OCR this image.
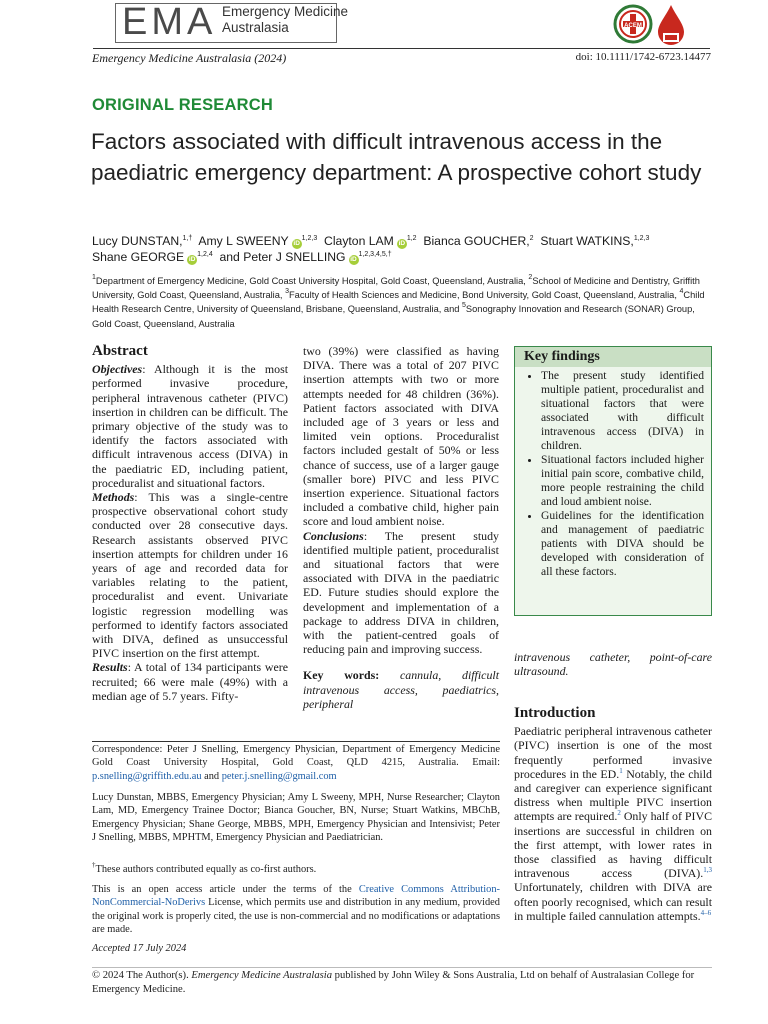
EMA Emergency Medicine
Australasia	ACEM
Emergency Medicine Australasia (2024)	doi: 10.1111/1742-6723.14477
ORIGINAL RESEARCH
Factors associated with difficult intravenous access in the paediatric emergency department: A prospective cohort study
Lucy DUNSTAN,$^{1,\dagger}$ Amy L SWEENY iD$^{1,2,3}$ Clayton LAM iD$^{1,2}$ Bianca GOUCHER,$^2$ Stuart WATKINS,$^{1,2,3}$
Shane GEORGE iD$^{1,2,4}$ and Peter J SNELLING $iD^{1,2,3,4,5,\dagger}$
$^1$Department of Emergency Medicine, Gold Coast University Hospital, Gold Coast, Queensland, Australia, $^2$School of Medicine and Dentistry, Griffith University, Gold Coast, Queensland, Australia, $^3$Faculty of Health Sciences and Medicine, Bond University, Gold Coast, Queensland, Australia, $^4$Child Health Research Centre, University of Queensland, Brisbane, Queensland, Australia, and $^5$Sonography Innovation and Research (SONAR) Group, Gold Coast, Queensland, Australia
Abstract

Objectives: Although it is the most performed invasive procedure, peripheral intravenous catheter (PIVC) insertion in children can be difficult. The primary objective of the study was to identify the factors associated with difficult intravenous access (DIVA) in the paediatric ED, including patient, proceduralist and situational factors.

Methods: This was a single-centre prospective observational cohort study conducted over 28 consecutive days. Research assistants observed PIVC insertion attempts for children under 16 years of age and recorded data for variables relating to the patient, proceduralist and event. Univariate logistic regression modelling was performed to identify factors associated with DIVA, defined as unsuccessful PIVC insertion on the first attempt.

Results: A total of 134 participants were recruited; 66 were male (49%) with a median age of 5.7 years. Fifty-

two (39%) were classified as having DIVA. There was a total of 207 PIVC insertion attempts with two or more attempts needed for 48 children (36%). Patient factors associated with DIVA included age of 3 years or less and limited vein options. Proceduralist factors included gestalt of 50% or less chance of success, use of a larger gauge (smaller bore) PIVC and less PIVC insertion experience. Situational factors included a combative child, higher pain score and loud ambient noise.

Conclusions: The present study identified multiple patient, proceduralist and situational factors that were associated with DIVA in the paediatric ED. Future studies should explore the development and implementation of a package to address DIVA in children, with the patient-centred goals of reducing pain and improving success.

Key words: cannula, difficult intravenous access, paediatrics, peripheral

Key findings
• The present study identified multiple patient, proceduralist and situational factors that were associated with difficult intravenous access (DIVA) in children.
• Situational factors included higher initial pain score, combative child, more people restraining the child and loud ambient noise.
• Guidelines for the identification and management of paediatric patients with DIVA should be developed with consideration of all these factors.

intravenous catheter, point-of-care ultrasound.

Introduction

Paediatric peripheral intravenous catheter (PIVC) insertion is one of the most frequently performed invasive procedures in the ED.$^1$ Notably, the child and caregiver can experience significant distress when multiple PIVC insertion attempts are required.$^2$ Only half of PIVC insertions are successful in children on the first attempt, with lower rates in those classified as having difficult intravenous access (DIVA).$^{1,3}$ Unfortunately, children with DIVA are often poorly recognised, which can result in multiple failed cannulation attempts.$^{4-6}$

Correspondence: Peter J Snelling, Emergency Physician, Department of Emergency Medicine Gold Coast University Hospital, Gold Coast, QLD 4215, Australia. Email: p.snelling@griffith.edu.au and peter.j.snelling@gmail.com
Lucy Dunstan, MBBS, Emergency Physician; Amy L Sweeny, MPH, Nurse Researcher; Clayton Lam, MD, Emergency Trainee Doctor; Bianca Goucher, BN, Nurse; Stuart Watkins, MBChB, Emergency Physician; Shane George, MBBS, MPH, Emergency Physician and Intensivist; Peter J Snelling, MBBS, MPHTM, Emergency Physician and Paediatrician.
†These authors contributed equally as co-first authors.
This is an open access article under the terms of the Creative Commons Attribution-NonCommercial-NoDerivs License, which permits use and distribution in any medium, provided the original work is properly cited, the use is non-commercial and no modifications or adaptations are made.
Accepted 17 July 2024
© 2024 The Author(s). Emergency Medicine Australasia published by John Wiley & Sons Australia, Ltd on behalf of Australasian College for Emergency Medicine.
